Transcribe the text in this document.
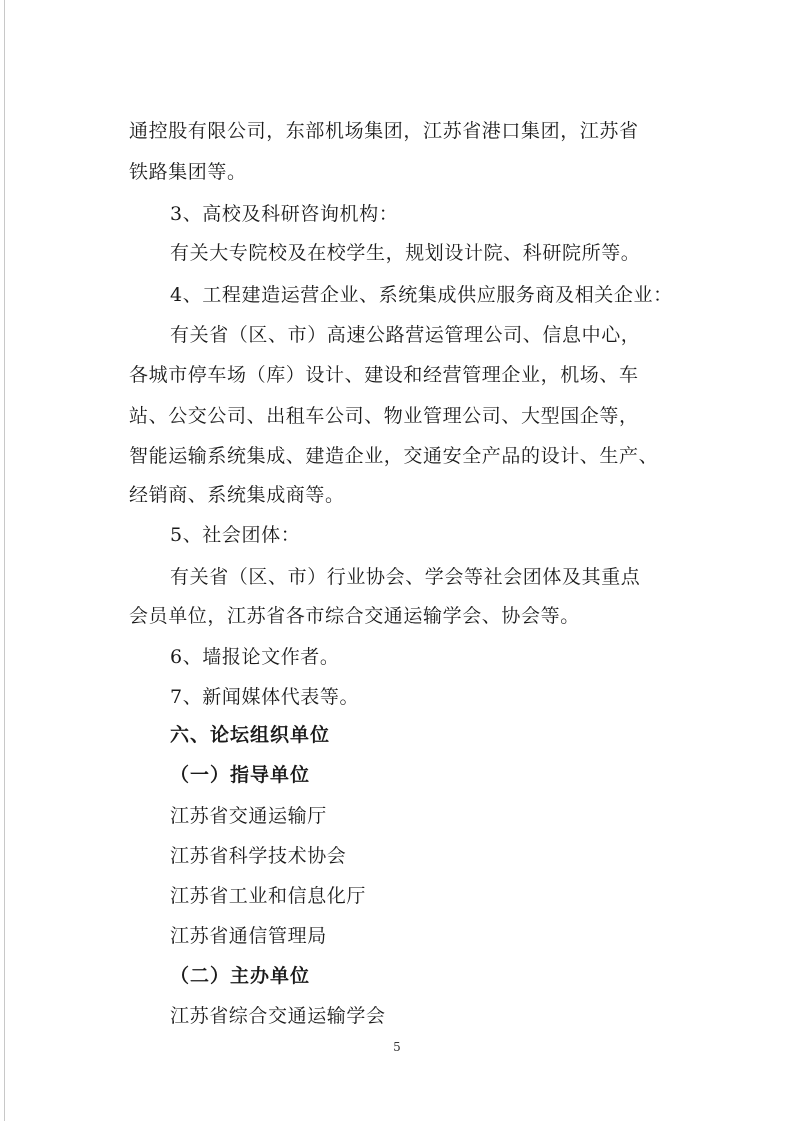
通控股有限公司，东部机场集团，江苏省港口集团，江苏省
铁路集团等。
3、高校及科研咨询机构：
有关大专院校及在校学生，规划设计院、科研院所等。
4、工程建造运营企业、系统集成供应服务商及相关企业：
有关省（区、市）高速公路营运管理公司、信息中心，
各城市停车场（库）设计、建设和经营管理企业，机场、车
站、公交公司、出租车公司、物业管理公司、大型国企等，
智能运输系统集成、建造企业，交通安全产品的设计、生产、
经销商、系统集成商等。
5、社会团体：
有关省（区、市）行业协会、学会等社会团体及其重点
会员单位，江苏省各市综合交通运输学会、协会等。
6、墙报论文作者。
7、新闻媒体代表等。
六、论坛组织单位
（一）指导单位
江苏省交通运输厅
江苏省科学技术协会
江苏省工业和信息化厅
江苏省通信管理局
（二）主办单位
江苏省综合交通运输学会
5
